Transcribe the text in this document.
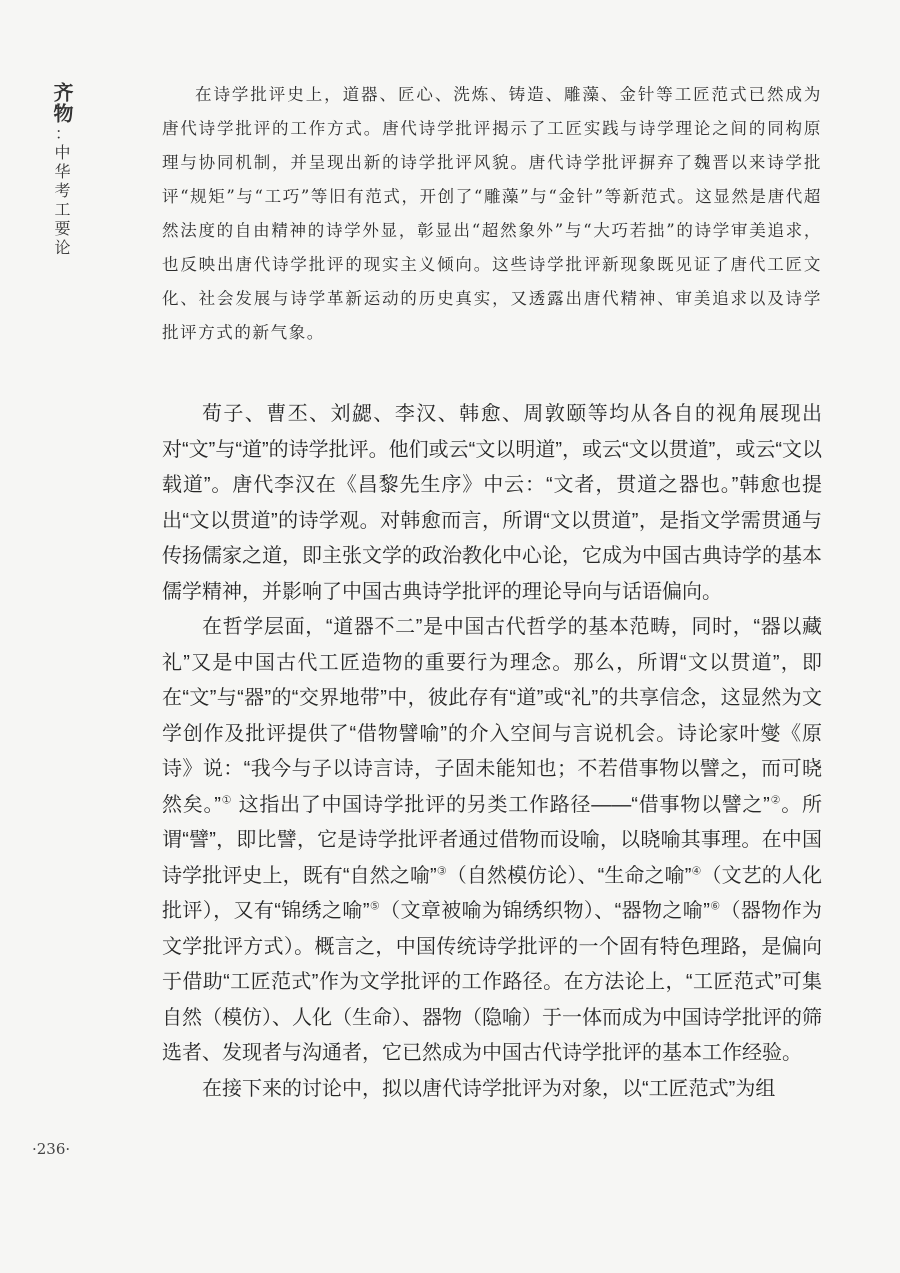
齐物
：
中华考工要论

在诗学批评史上，道器、匠心、洗炼、铸造、雕藻、金针等工匠范式已然成为唐代诗学批评的工作方式。唐代诗学批评揭示了工匠实践与诗学理论之间的同构原理与协同机制，并呈现出新的诗学批评风貌。唐代诗学批评摒弃了魏晋以来诗学批评“规矩”与“工巧”等旧有范式，开创了“雕藻”与“金针”等新范式。这显然是唐代超然法度的自由精神的诗学外显，彰显出“超然象外”与“大巧若拙”的诗学审美追求，也反映出唐代诗学批评的现实主义倾向。这些诗学批评新现象既见证了唐代工匠文化、社会发展与诗学革新运动的历史真实，又透露出唐代精神、审美追求以及诗学批评方式的新气象。

荀子、曹丕、刘勰、李汉、韩愈、周敦颐等均从各自的视角展现出对“文”与“道”的诗学批评。他们或云“文以明道”，或云“文以贯道”，或云“文以载道”。唐代李汉在《昌黎先生序》中云：“文者，贯道之器也。”韩愈也提出“文以贯道”的诗学观。对韩愈而言，所谓“文以贯道”，是指文学需贯通与传扬儒家之道，即主张文学的政治教化中心论，它成为中国古典诗学的基本儒学精神，并影响了中国古典诗学批评的理论导向与话语偏向。

在哲学层面，“道器不二”是中国古代哲学的基本范畴，同时，“器以藏礼”又是中国古代工匠造物的重要行为理念。那么，所谓“文以贯道”，即在“文”与“器”的“交界地带”中，彼此存有“道”或“礼”的共享信念，这显然为文学创作及批评提供了“借物譬喻”的介入空间与言说机会。诗论家叶燮《原诗》说：“我今与子以诗言诗，子固未能知也；不若借事物以譬之，而可晓然矣。”① 这指出了中国诗学批评的另类工作路径——“借事物以譬之”②。所谓“譬”，即比譬，它是诗学批评者通过借物而设喻，以晓喻其事理。在中国诗学批评史上，既有“自然之喻”③（自然模仿论）、“生命之喻”④（文艺的人化批评），又有“锦绣之喻”⑤（文章被喻为锦绣织物）、“器物之喻”⑥（器物作为文学批评方式）。概言之，中国传统诗学批评的一个固有特色理路，是偏向于借助“工匠范式”作为文学批评的工作路径。在方法论上，“工匠范式”可集自然（模仿）、人化（生命）、器物（隐喻）于一体而成为中国诗学批评的筛选者、发现者与沟通者，它已然成为中国古代诗学批评的基本工作经验。

在接下来的讨论中，拟以唐代诗学批评为对象，以“工匠范式”为组

·236·
